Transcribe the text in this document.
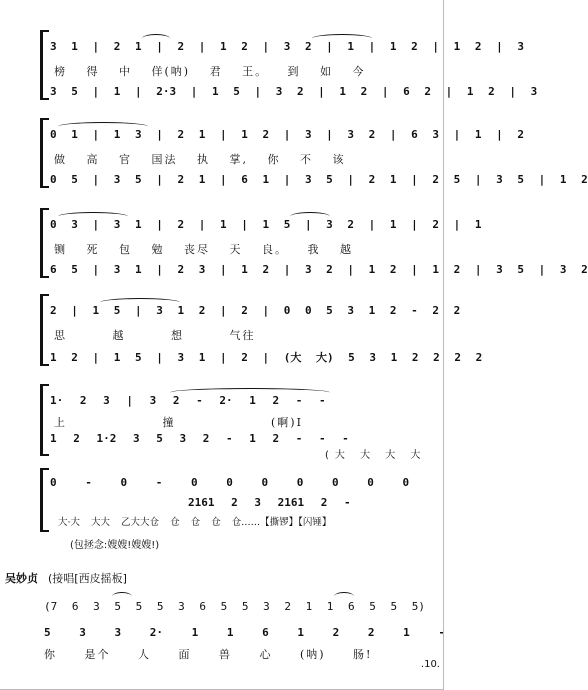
3 1 | 2 1 | 2 | 1 2 | 3 2 | 1 | 1 2 | 1 2 | 3
榜 得 中 佯(呐) 君 王。 到 如 今
3 5 | 1 | 2·3 | 1 5 | 3 2 | 1 2 | 6 2 | 1 2 | 3
0 1 | 1 3 | 2 1 | 1 2 | 3 | 3 2 | 6 3 | 1 | 2
做 高 官 国法 执 掌, 你 不 该
0 5 | 3 5 | 2 1 | 6 1 | 3 5 | 2 1 | 2 5 | 3 5 | 1 2
0 3 | 3 1 | 2 | 1 | 1 5 | 3 2 | 1 | 2 | 1
铡 死 包 勉 丧尽 天 良。 我 越
6 5 | 3 1 | 2 3 | 1 2 | 3 2 | 1 2 | 1 2 | 3 5 | 3 2
2 | 1 5 | 3 1 2 | 2 | 0 0 5 3 1 2 - 2 2
思 越 想 气往
1 2 | 1 5 | 3 1 | 2 | (大 大) 5 3 1 2 2 2 2
1· 2 3 | 3 2 - 2· 1 2 - -
上 撞 (啊)I
1 2 1·2 3 5 3 2 - 1 2 - - -
(大 大 大 大
0 - 0 - 0 0 0 0 0 0 0
2161 2 3 2161 2 -
大·大 大大 乙大大仓 仓 仓 仓 仓……【撕锣】【闪锤】
(包拯念:嫂嫂!嫂嫂!)
吴妙贞 (接唱[西皮摇板]
(7 6 3 5 5 5 3 6 5 5 3 2 1 1 6 5 5 5)
5 3 3 2· 1 1 6 1 2 2 1 -
你 是个 人 面 兽 心 (呐) 肠!
.10.
